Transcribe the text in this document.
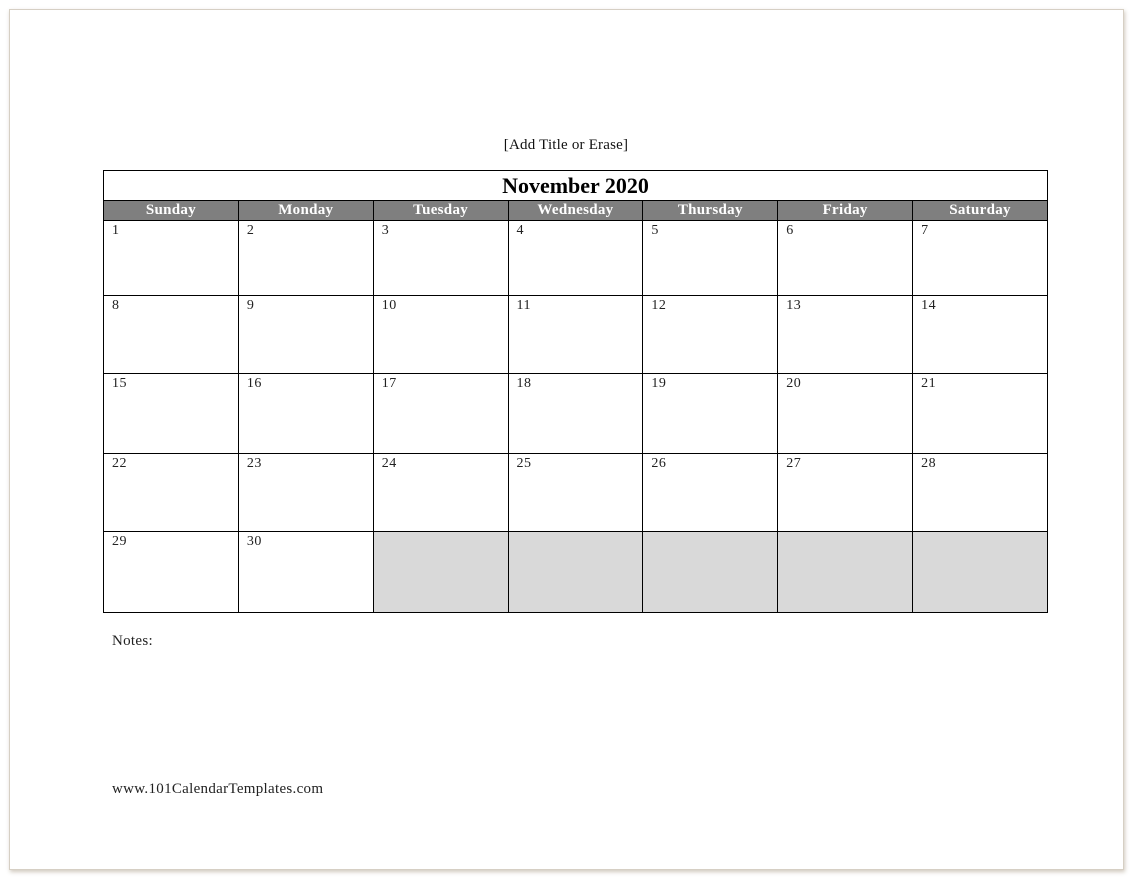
[Add Title or Erase]
November 2020						
Sunday	Monday	Tuesday	Wednesday	Thursday	Friday	Saturday

1	2	3	4	5	6	7

8	9	10	11	12	13	14

15	16	17	18	19	20	21

22	23	24	25	26	27	28

29	30					

Notes:
www.101CalendarTemplates.com
